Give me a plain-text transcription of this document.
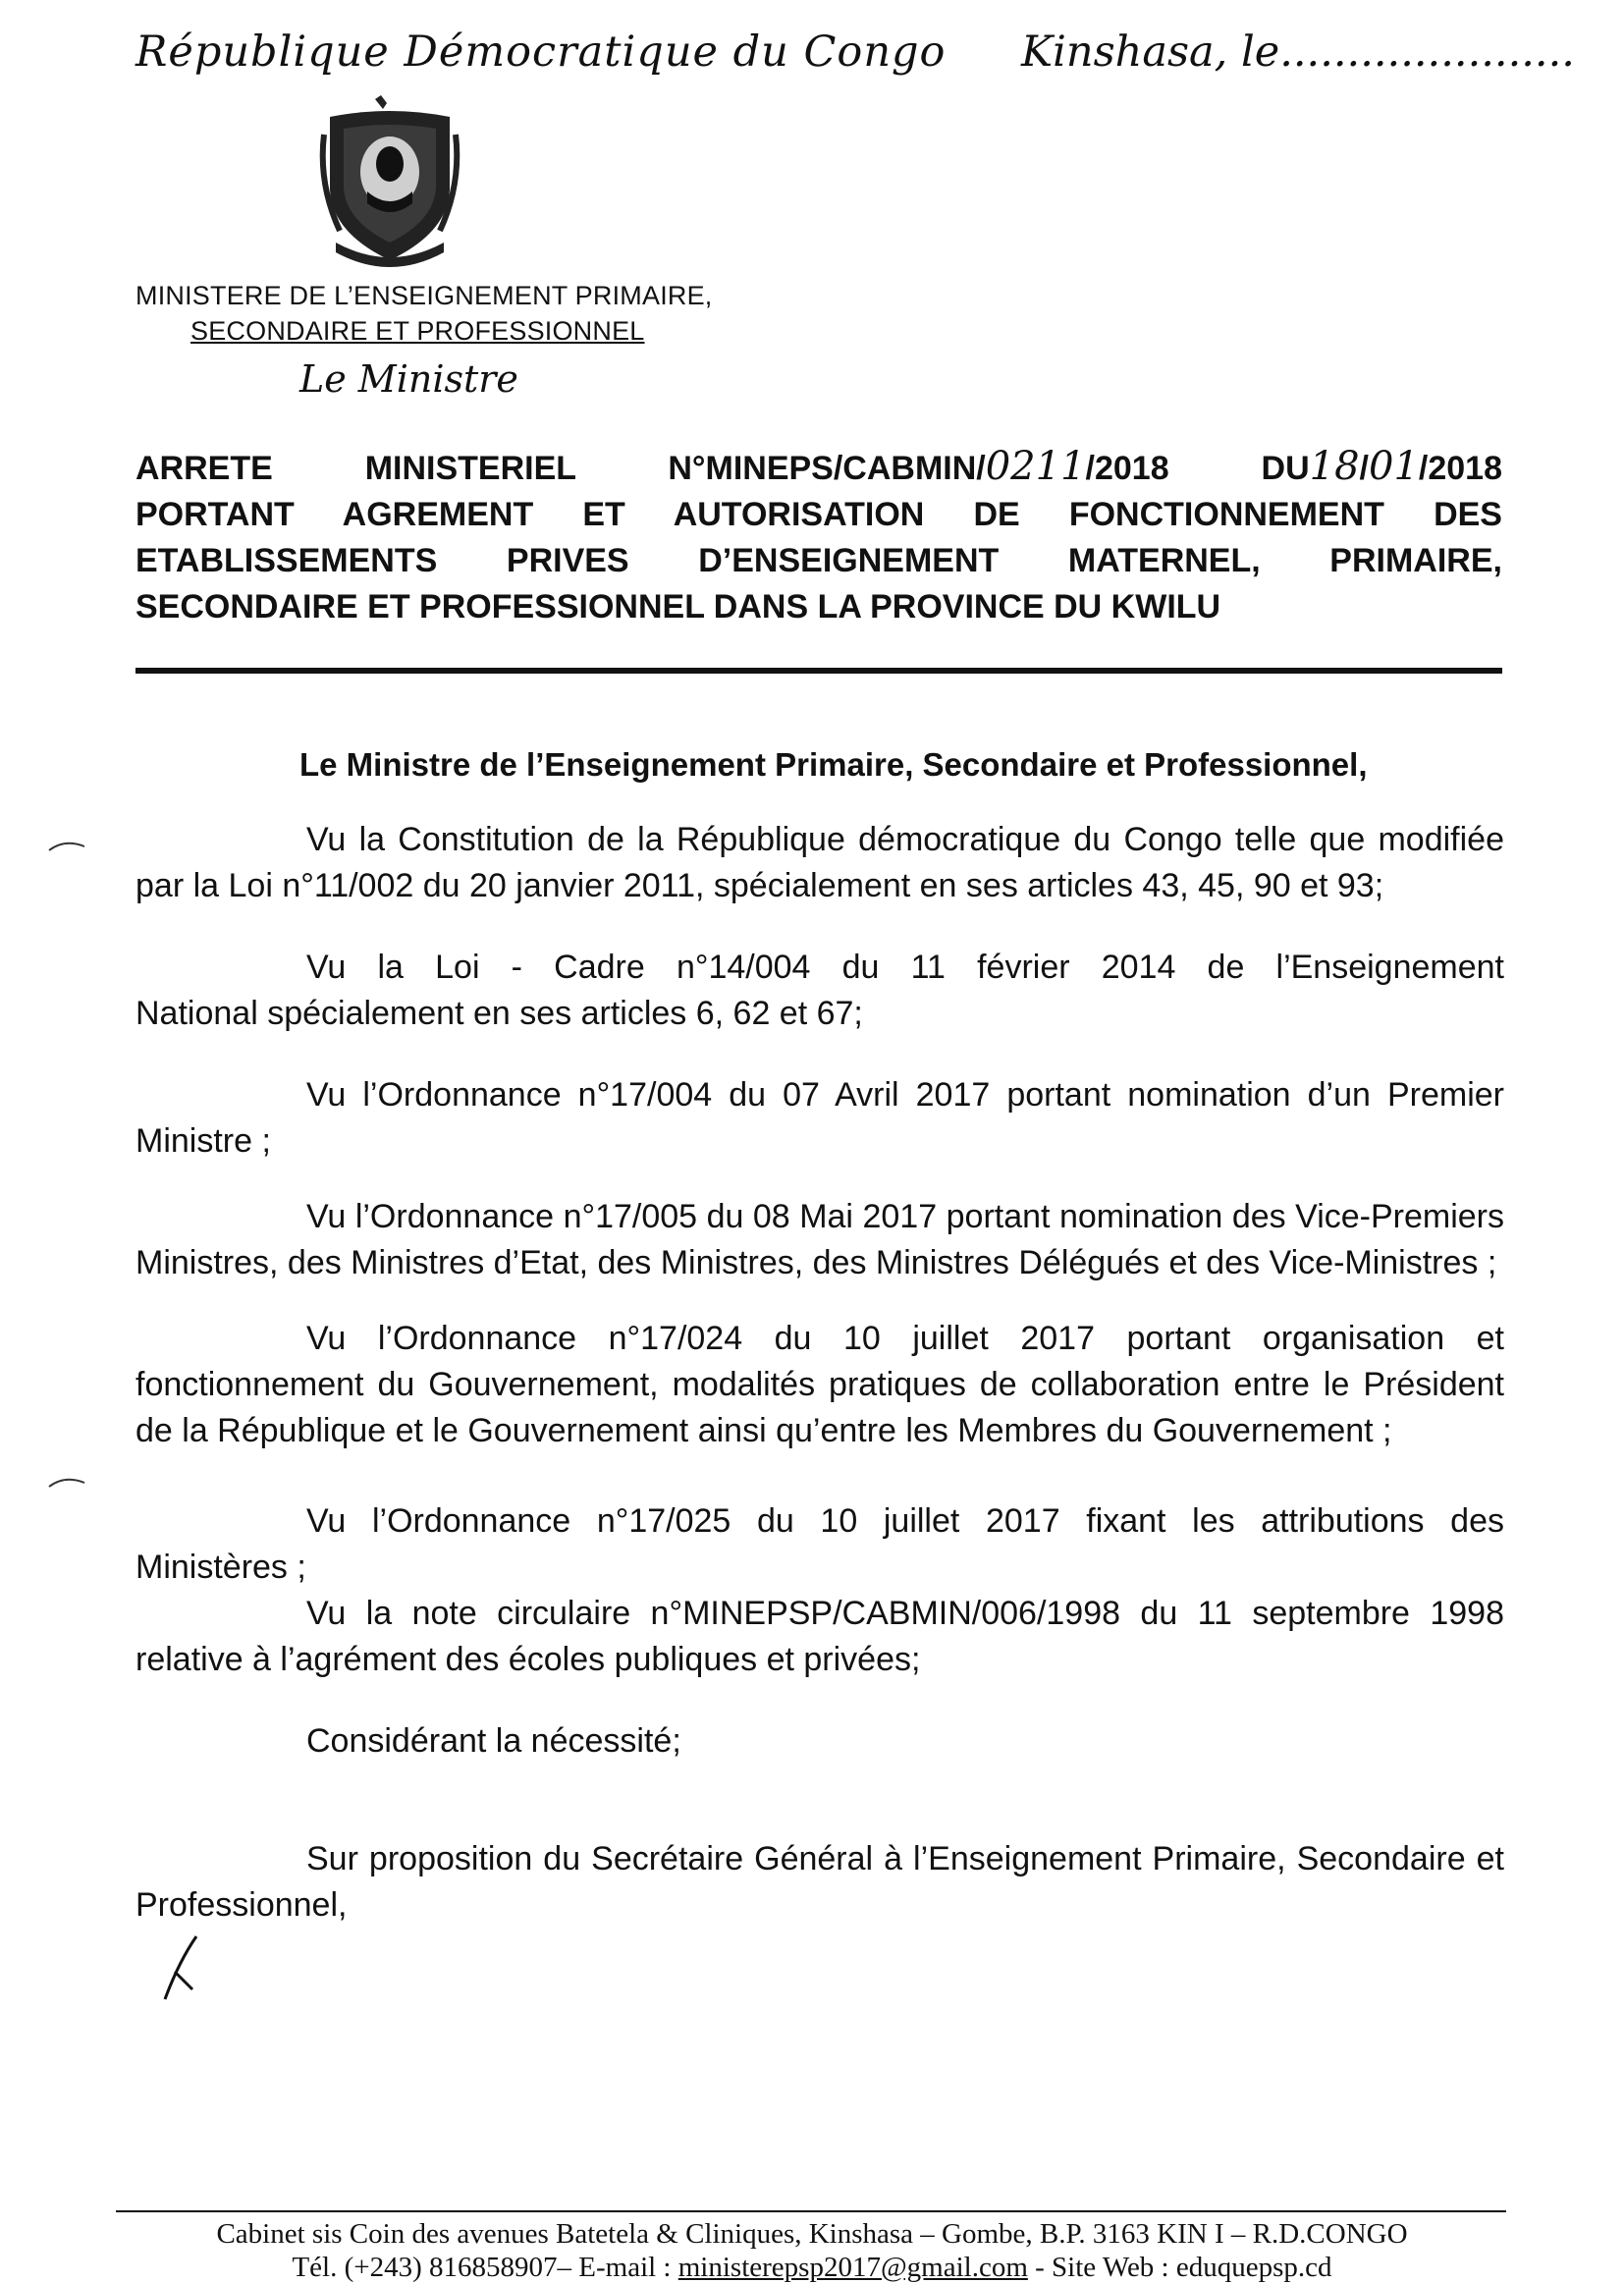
République Démocratique du Congo Kinshasa, le......................
MINISTERE DE L’ENSEIGNEMENT PRIMAIRE,
SECONDAIRE ET PROFESSIONNEL
Le Ministre
ARRETE MINISTERIEL N°MINEPS/CABMIN/0211/2018 DU18/01/2018
PORTANT AGREMENT ET AUTORISATION DE FONCTIONNEMENT DES
ETABLISSEMENTS PRIVES D’ENSEIGNEMENT MATERNEL, PRIMAIRE,
SECONDAIRE ET PROFESSIONNEL DANS LA PROVINCE DU KWILU
Le Ministre de l’Enseignement Primaire, Secondaire et Professionnel,
Vu la Constitution de la République démocratique du Congo telle que modifiée
par la Loi n°11/002 du 20 janvier 2011, spécialement en ses articles 43, 45, 90 et 93;
Vu la Loi - Cadre n°14/004 du 11 février 2014 de l’Enseignement
National spécialement en ses articles 6, 62 et 67;
Vu l’Ordonnance n°17/004 du 07 Avril 2017 portant nomination d’un Premier
Ministre ;
Vu l’Ordonnance n°17/005 du 08 Mai 2017 portant nomination des Vice-Premiers
Ministres, des Ministres d’Etat, des Ministres, des Ministres Délégués et des Vice-Ministres ;
Vu l’Ordonnance n°17/024 du 10 juillet 2017 portant organisation et
fonctionnement du Gouvernement, modalités pratiques de collaboration entre le Président
de la République et le Gouvernement ainsi qu’entre les Membres du Gouvernement ;
Vu l’Ordonnance n°17/025 du 10 juillet 2017 fixant les attributions des
Ministères ;
Vu la note circulaire n°MINEPSP/CABMIN/006/1998 du 11 septembre 1998
relative à l’agrément des écoles publiques et privées;
Considérant la nécessité;
Sur proposition du Secrétaire Général à l’Enseignement Primaire, Secondaire et
Professionnel,
Cabinet sis Coin des avenues Batetela & Cliniques, Kinshasa – Gombe, B.P. 3163 KIN I – R.D.CONGO
Tél. (+243) 816858907– E-mail : ministerepsp2017@gmail.com - Site Web : eduquepsp.cd
